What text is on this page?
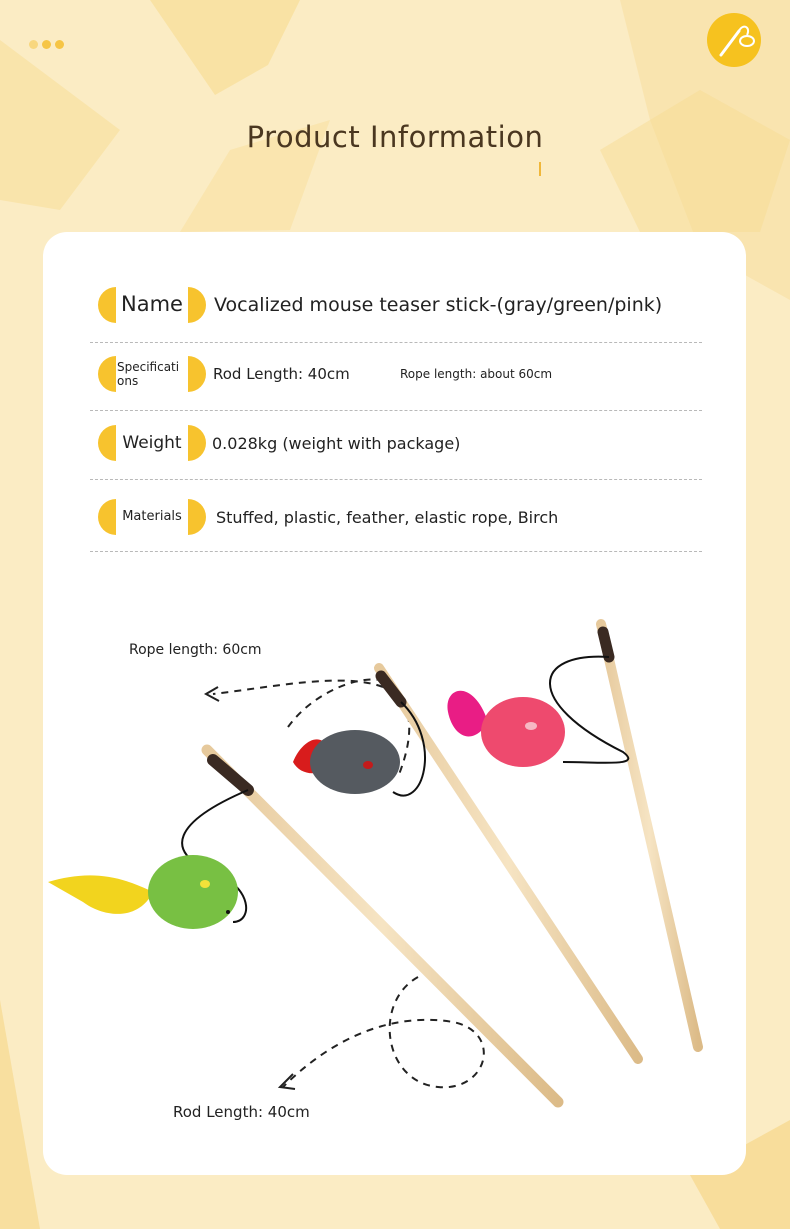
Product Information
Name Vocalized mouse teaser stick-(gray/green/pink)
Specificati ons	Rod Length: 40cm	Rope length: about 60cm
Weight 0.028kg (weight with package)
Materials Stuffed, plastic, feather, elastic rope, Birch
Rope length: 60cm
Rod Length: 40cm
